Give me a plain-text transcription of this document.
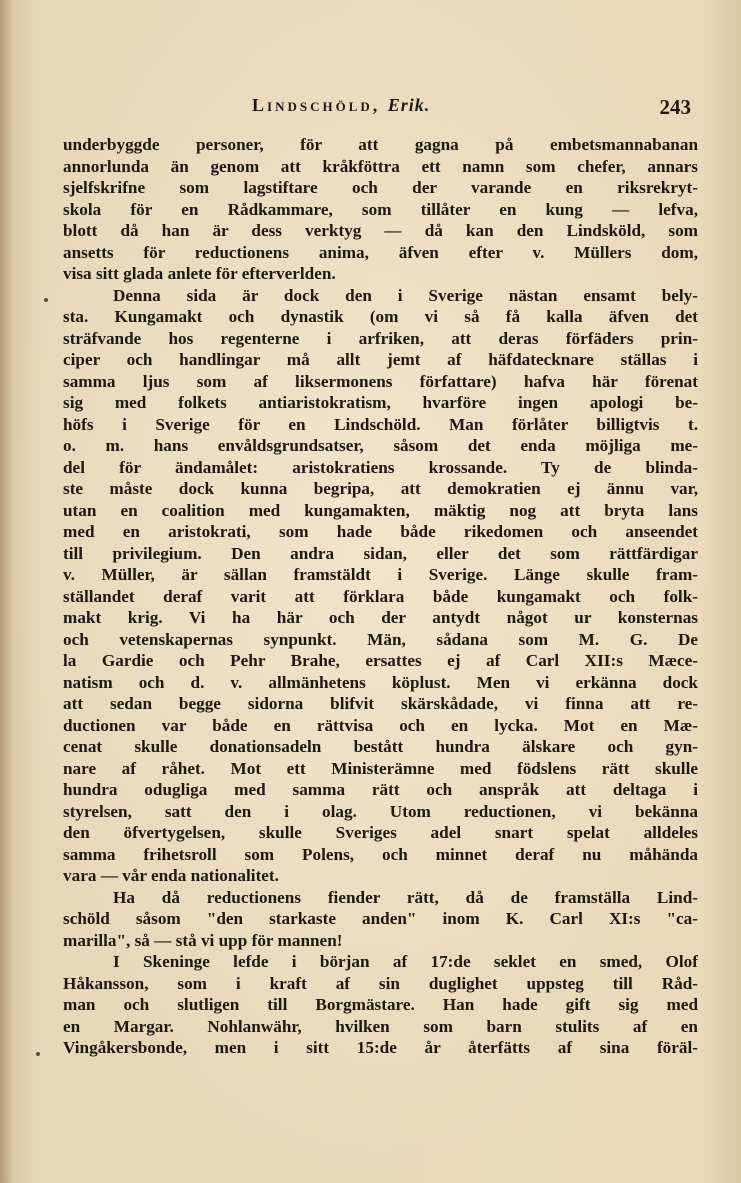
Lindschöld, Erik.	243
underbyggde personer, för att gagna på embetsmannabanan
annorlunda än genom att kråkföttra ett namn som chefer, annars
sjelfskrifne som lagstiftare och der varande en riksrekryt-
skola för en Rådkammare, som tillåter en kung — lefva,
blott då han är dess verktyg — då kan den Lindsköld, som
ansetts för reductionens anima, äfven efter v. Müllers dom,
visa sitt glada anlete för efterverlden.
Denna sida är dock den i Sverige nästan ensamt bely-
sta. Kungamakt och dynastik (om vi så få kalla äfven det
sträfvande hos regenterne i arfriken, att deras förfäders prin-
ciper och handlingar må allt jemt af häfdatecknare ställas i
samma ljus som af liksermonens författare) hafva här förenat
sig med folkets antiaristokratism, hvarföre ingen apologi be-
höfs i Sverige för en Lindschöld. Man förlåter billigtvis t.
o. m. hans envåldsgrundsatser, såsom det enda möjliga me-
del för ändamålet: aristokratiens krossande. Ty de blinda-
ste måste dock kunna begripa, att demokratien ej ännu var,
utan en coalition med kungamakten, mäktig nog att bryta lans
med en aristokrati, som hade både rikedomen och anseendet
till privilegium. Den andra sidan, eller det som rättfärdigar
v. Müller, är sällan framstäldt i Sverige. Länge skulle fram-
ställandet deraf varit att förklara både kungamakt och folk-
makt krig. Vi ha här och der antydt något ur konsternas
och vetenskapernas synpunkt. Män, sådana som M. G. De
la Gardie och Pehr Brahe, ersattes ej af Carl XII:s Mæce-
natism och d. v. allmänhetens köplust. Men vi erkänna dock
att sedan begge sidorna blifvit skärskådade, vi finna att re-
ductionen var både en rättvisa och en lycka. Mot en Mæ-
cenat skulle donationsadeln bestått hundra älskare och gyn-
nare af råhet. Mot ett Ministerämne med födslens rätt skulle
hundra odugliga med samma rätt och anspråk att deltaga i
styrelsen, satt den i olag. Utom reductionen, vi bekänna
den öfvertygelsen, skulle Sveriges adel snart spelat alldeles
samma frihetsroll som Polens, och minnet deraf nu måhända
vara — vår enda nationalitet.
Ha då reductionens fiender rätt, då de framställa Lind-
schöld såsom "den starkaste anden" inom K. Carl XI:s "ca-
marilla", så — stå vi upp för mannen!
I Skeninge lefde i början af 17:de seklet en smed, Olof
Håkansson, som i kraft af sin duglighet uppsteg till Råd-
man och slutligen till Borgmästare. Han hade gift sig med
en Margar. Nohlanwähr, hvilken som barn stulits af en
Vingåkersbonde, men i sitt 15:de år återfätts af sina föräl-
